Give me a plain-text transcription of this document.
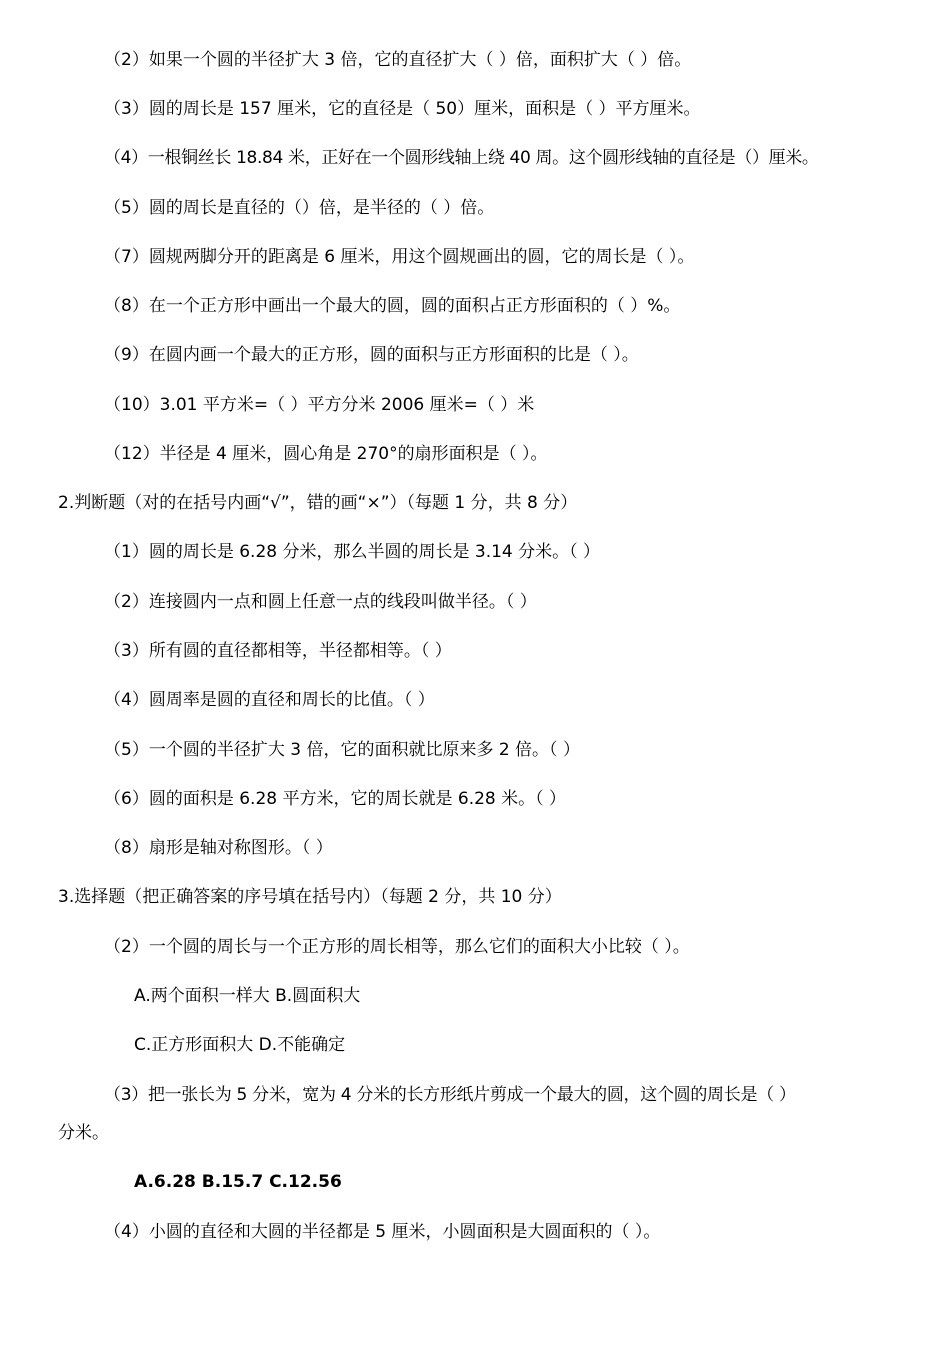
（2）如果一个圆的半径扩大 3 倍，它的直径扩大（ ）倍，面积扩大（ ）倍。
（3）圆的周长是 157 厘米，它的直径是（ 50）厘米，面积是（ ）平方厘米。
（4）一根铜丝长 18.84 米，正好在一个圆形线轴上绕 40 周。这个圆形线轴的直径是（）厘米。
（5）圆的周长是直径的（）倍，是半径的（ ）倍。
（7）圆规两脚分开的距离是 6 厘米，用这个圆规画出的圆，它的周长是（ ）。
（8）在一个正方形中画出一个最大的圆，圆的面积占正方形面积的（ ）%。
（9）在圆内画一个最大的正方形，圆的面积与正方形面积的比是（ ）。
（10）3.01 平方米=（ ）平方分米 2006 厘米=（ ）米
（12）半径是 4 厘米，圆心角是 270°的扇形面积是（ ）。
2.判断题（对的在括号内画“√”，错的画“×”）（每题 1 分，共 8 分）
（1）圆的周长是 6.28 分米，那么半圆的周长是 3.14 分米。（ ）
（2）连接圆内一点和圆上任意一点的线段叫做半径。（ ）
（3）所有圆的直径都相等，半径都相等。（ ）
（4）圆周率是圆的直径和周长的比值。（ ）
（5）一个圆的半径扩大 3 倍，它的面积就比原来多 2 倍。（ ）
（6）圆的面积是 6.28 平方米，它的周长就是 6.28 米。（ ）
（8）扇形是轴对称图形。（ ）
3.选择题（把正确答案的序号填在括号内）（每题 2 分，共 10 分）
（2）一个圆的周长与一个正方形的周长相等，那么它们的面积大小比较（ ）。
A.两个面积一样大 B.圆面积大
C.正方形面积大 D.不能确定
（3）把一张长为 5 分米，宽为 4 分米的长方形纸片剪成一个最大的圆，这个圆的周长是（ ）
分米。
A.6.28 B.15.7 C.12.56
（4）小圆的直径和大圆的半径都是 5 厘米，小圆面积是大圆面积的（ ）。
